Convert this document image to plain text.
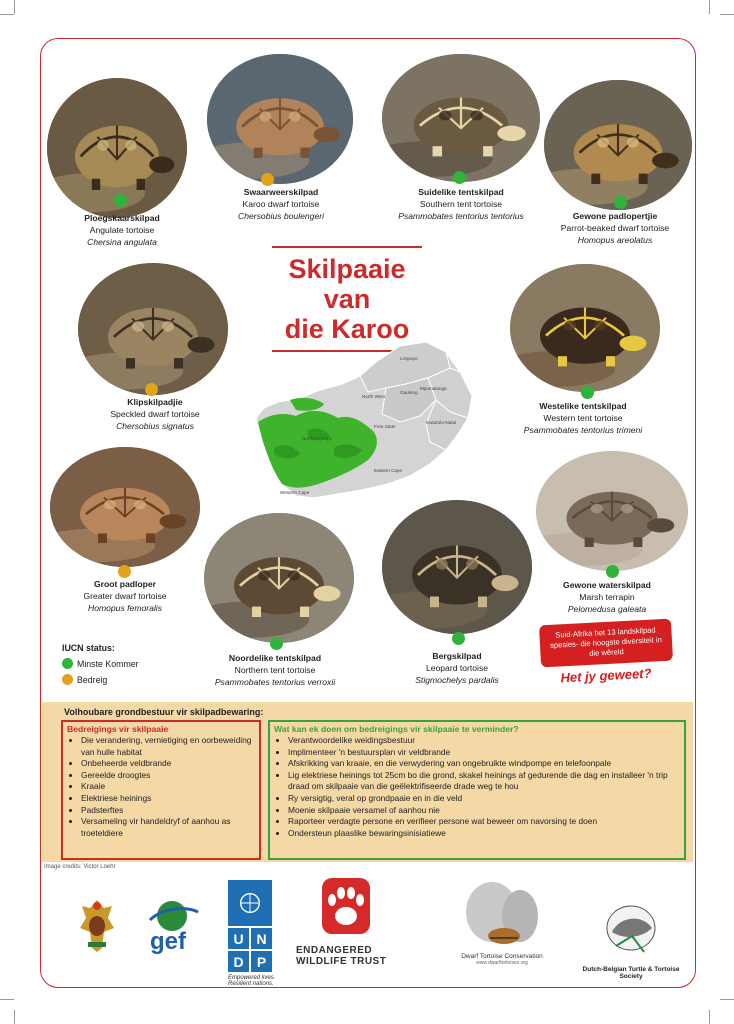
Ploegskaarskilpad
Angulate tortoise
Chersina angulata
Swaarweerskilpad
Karoo dwarf tortoise
Chersobius boulengeri
Suidelike tentskilpad
Southern tent tortoise
Psammobates tentorius tentorius	Gewone padlopertjie
Parrot-beaked dwarf tortoise
Homopus areolatus
Klipskilpadjie
Speckled dwarf tortoise
Chersobius signatus
Westelike tentskilpad
Western tent tortoise
Psammobates tentorius trimeni
Groot padloper
Greater dwarf tortoise
Homopus femoralis
Noordelike tentskilpad
Northern tent tortoise
Psammobates tentorius verroxii
Bergskilpad
Leopard tortoise
Stigmochelys pardalis
Gewone waterskilpad
Marsh terrapin
Pelomedusa galeata
Skilpaaie van
die Karoo
Limpopo
North West
Gauteng
Mpumalanga
KwaZulu-Natal
Free State
Northern Cape
Eastern Cape
Western Cape
IUCN status:
Minste Kommer
Bedreig
Suid-Afrika het 13 landskilpad spesies- die hoogste diversiteit in die wêreld
Het jy geweet?
Volhoubare grondbestuur vir skilpadbewaring:
Bedreigings vir skilpaaie
• Die verandering, vernietiging en oorbeweiding van hulle habitat
• Onbeheerde veldbrande
• Gereelde droogtes
• Kraaie
• Elektriese heinings
• Padsterftes
• Versameling vir handeldryf of aanhou as troeteldiere
Wat kan ek doen om bedreigings vir skilpaaie te verminder?
• Verantwoordelike weidingsbestuur
• Implimenteer 'n bestuursplan vir veldbrande
• Afskrikking van kraaie, en die verwydering van ongebruikte windpompe en telefoonpale
• Lig elektriese heinings tot 25cm bo die grond, skakel heinings af gedurende die dag en installeer 'n trip draad om skilpaaie van die geëlektrifiseerde drade weg te hou
• Ry versigtig, veral op grondpaaie en in die veld
• Moenie skilpaaie versamel of aanhou nie
• Raporteer verdagte persone en verifieer persone wat beweer om navorsing te doen
• Ondersteun plaaslike bewaringsinisiatiewe
Image credits: Victor Loehr
gef	U N
D P
Empowered lives.
Resilient nations.
ENDANGERED
WILDLIFE TRUST	Dwarf Tortoise Conservation
www.dwarftortoises.org
Dutch-Belgian Turtle & Tortoise Society
